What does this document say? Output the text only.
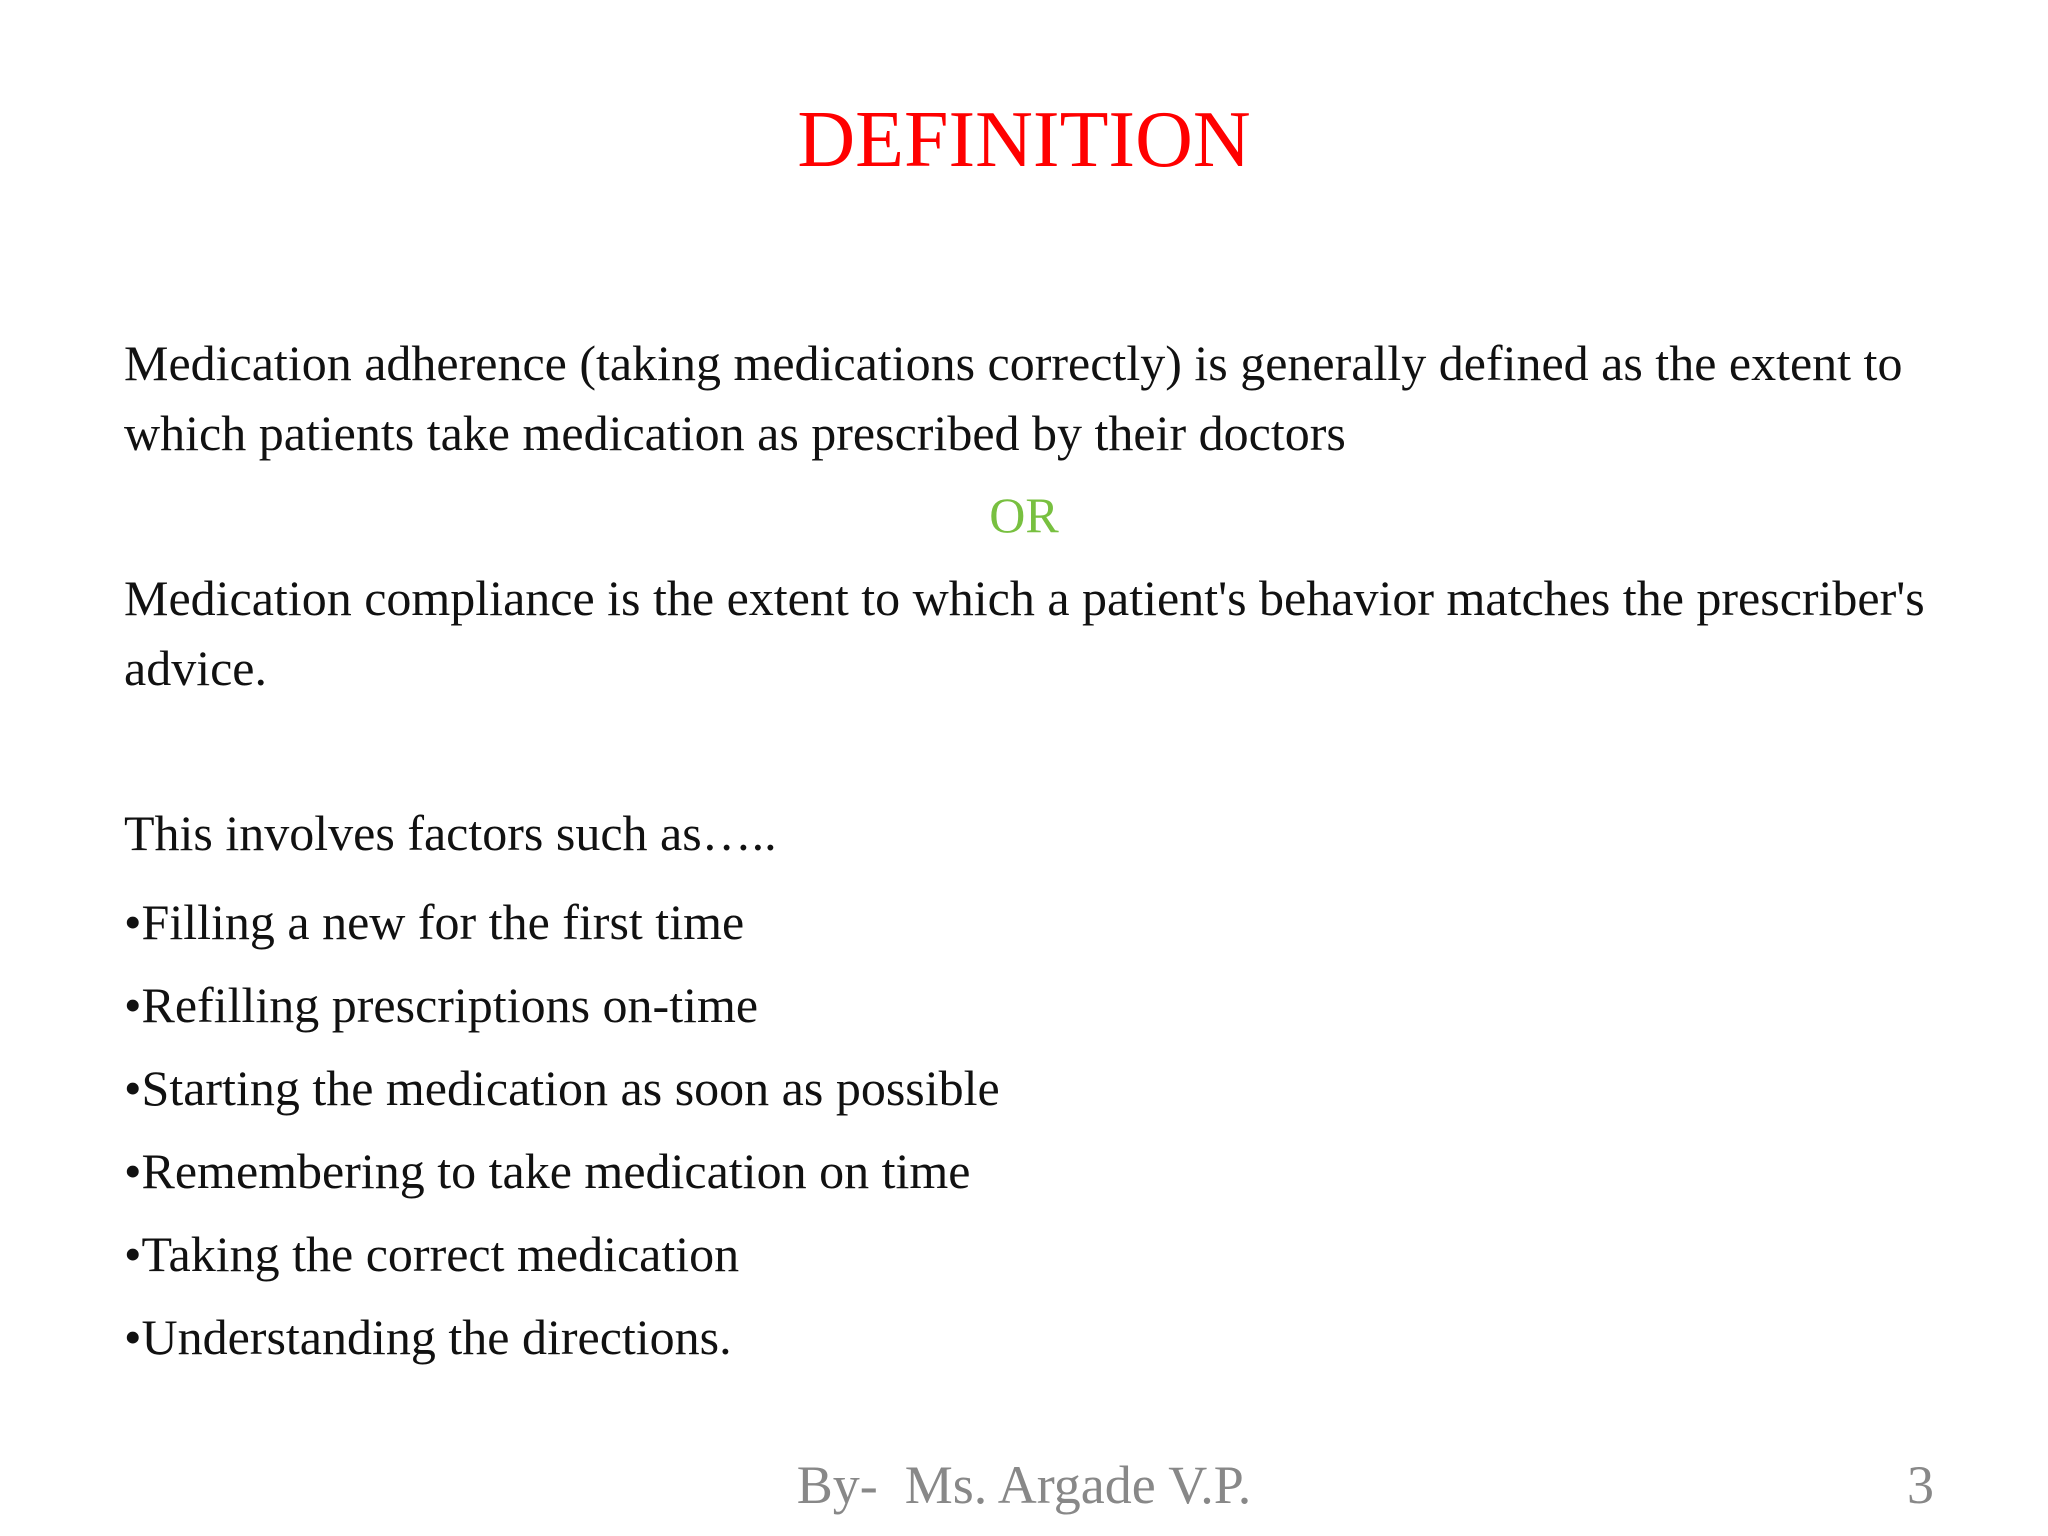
DEFINITION
Medication adherence (taking medications correctly) is generally defined as the extent to which patients take medication as prescribed by their doctors
OR
Medication compliance is the extent to which a patient's behavior matches the prescriber's advice.
This involves factors such as…..
•Filling a new for the first time
•Refilling prescriptions on-time
•Starting the medication as soon as possible
•Remembering to take medication on time
•Taking the correct medication
•Understanding the directions.
By-  Ms. Argade V.P.	3
